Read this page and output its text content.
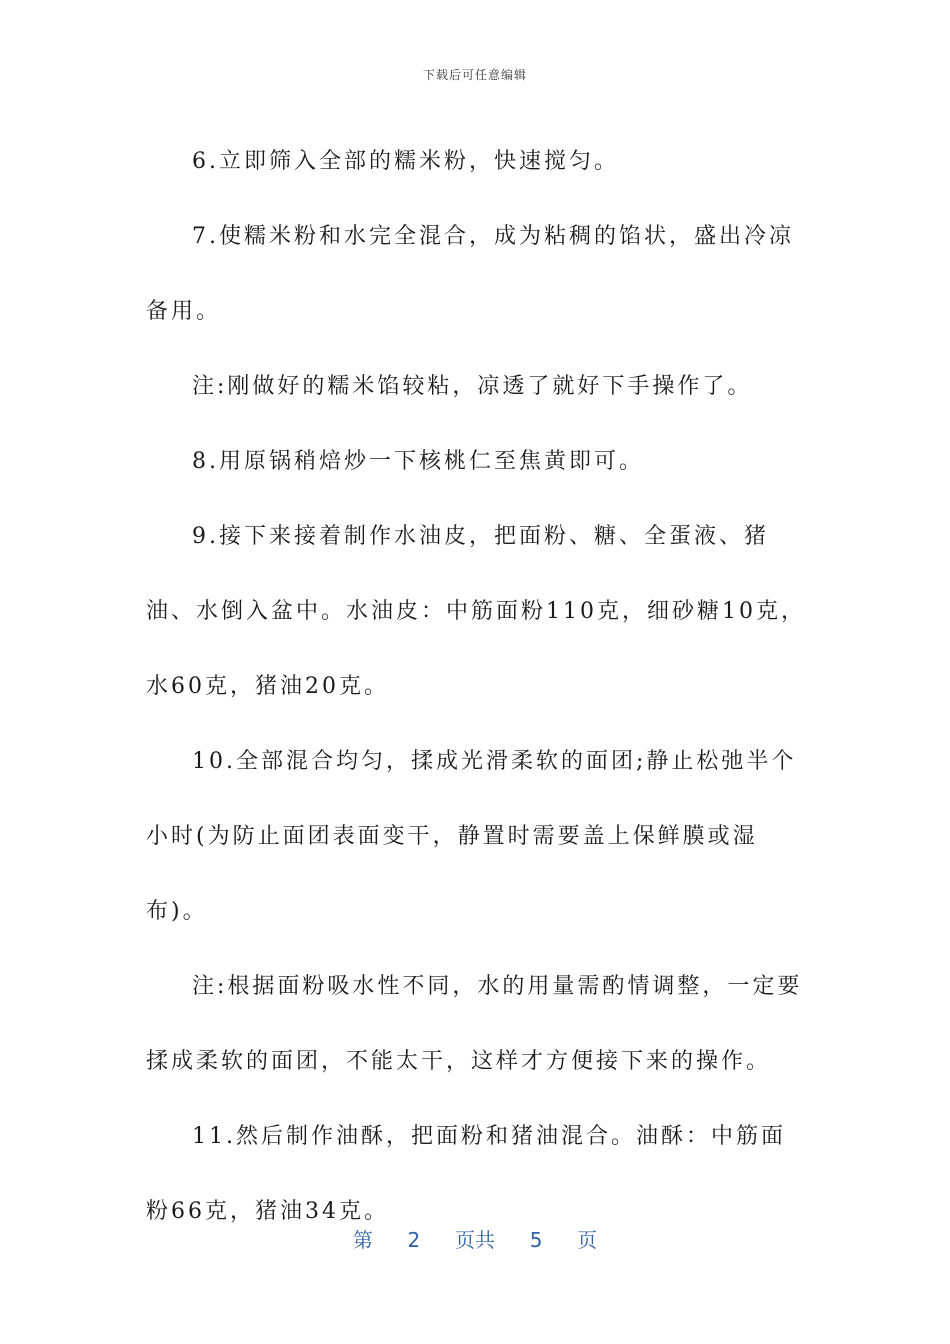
下载后可任意编辑

6.立即筛入全部的糯米粉，快速搅匀。

7.使糯米粉和水完全混合，成为粘稠的馅状，盛出冷凉备用。

注:刚做好的糯米馅较粘，凉透了就好下手操作了。

8.用原锅稍焙炒一下核桃仁至焦黄即可。

9.接下来接着制作水油皮，把面粉、糖、全蛋液、猪油、水倒入盆中。水油皮：中筋面粉110克，细砂糖10克，水60克，猪油20克。

10.全部混合均匀，揉成光滑柔软的面团;静止松弛半个小时(为防止面团表面变干，静置时需要盖上保鲜膜或湿布)。

注:根据面粉吸水性不同，水的用量需酌情调整，一定要揉成柔软的面团，不能太干，这样才方便接下来的操作。

11.然后制作油酥，把面粉和猪油混合。油酥：中筋面粉66克，猪油34克。

第 2 页共 5 页
